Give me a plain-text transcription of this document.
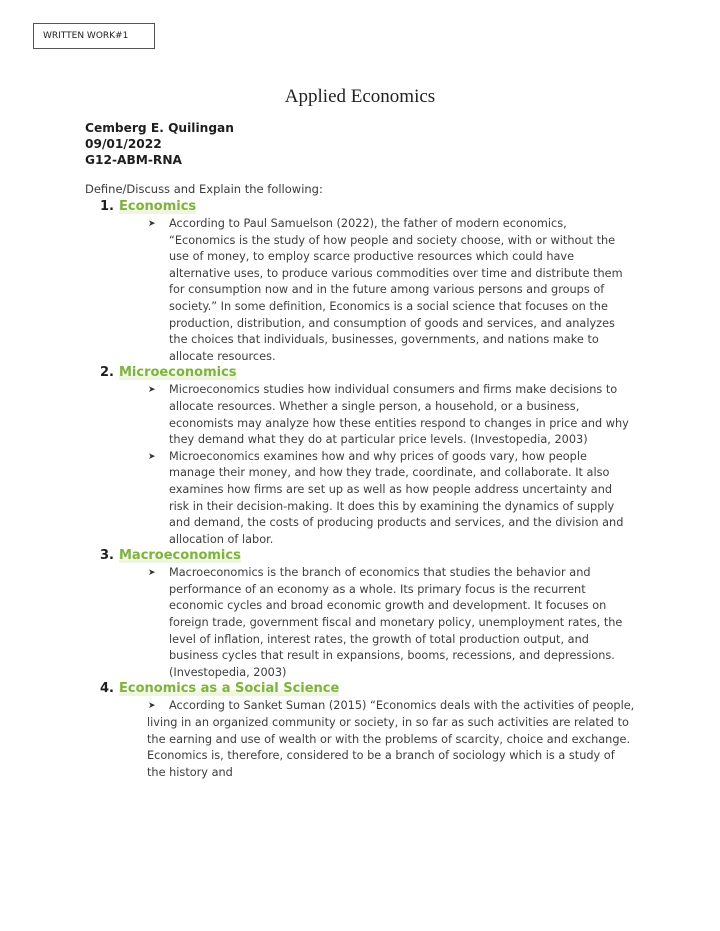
WRITTEN WORK#1
Applied Economics
Cemberg E. Quilingan
09/01/2022
G12-ABM-RNA
Define/Discuss and Explain the following:
1. Economics
➤ According to Paul Samuelson (2022), the father of modern economics, “Economics is the study of how people and society choose, with or without the use of money, to employ scarce productive resources which could have alternative uses, to produce various commodities over time and distribute them for consumption now and in the future among various persons and groups of society.” In some definition, Economics is a social science that focuses on the production, distribution, and consumption of goods and services, and analyzes the choices that individuals, businesses, governments, and nations make to allocate resources.
2. Microeconomics
➤ Microeconomics studies how individual consumers and firms make decisions to allocate resources. Whether a single person, a household, or a business, economists may analyze how these entities respond to changes in price and why they demand what they do at particular price levels. (Investopedia, 2003)
➤ Microeconomics examines how and why prices of goods vary, how people manage their money, and how they trade, coordinate, and collaborate. It also examines how firms are set up as well as how people address uncertainty and risk in their decision-making. It does this by examining the dynamics of supply and demand, the costs of producing products and services, and the division and allocation of labor.
3. Macroeconomics
➤ Macroeconomics is the branch of economics that studies the behavior and performance of an economy as a whole. Its primary focus is the recurrent economic cycles and broad economic growth and development. It focuses on foreign trade, government fiscal and monetary policy, unemployment rates, the level of inflation, interest rates, the growth of total production output, and business cycles that result in expansions, booms, recessions, and depressions. (Investopedia, 2003)
4. Economics as a Social Science
➤ According to Sanket Suman (2015) “Economics deals with the activities of people, living in an organized community or society, in so far as such activities are related to the earning and use of wealth or with the problems of scarcity, choice and exchange. Economics is, therefore, considered to be a branch of sociology which is a study of the history and
